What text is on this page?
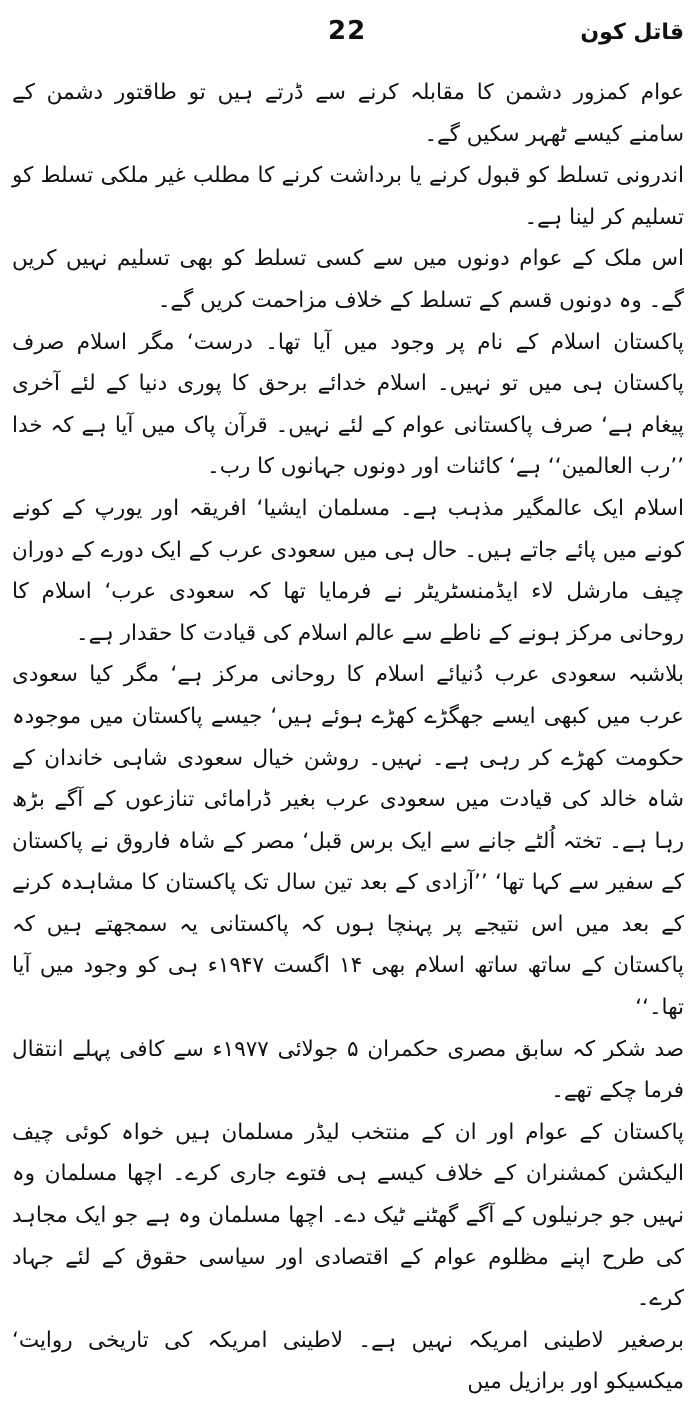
22	قاتل کون

عوام کمزور دشمن کا مقابلہ کرنے سے ڈرتے ہیں تو طاقتور دشمن کے سامنے کیسے ٹھہر سکیں گے۔

اندرونی تسلط کو قبول کرنے یا برداشت کرنے کا مطلب غیر ملکی تسلط کو تسلیم کر لینا ہے۔

اس ملک کے عوام دونوں میں سے کسی تسلط کو بھی تسلیم نہیں کریں گے۔ وہ دونوں قسم کے تسلط کے خلاف مزاحمت کریں گے۔

پاکستان اسلام کے نام پر وجود میں آیا تھا۔ درست‘ مگر اسلام صرف پاکستان ہی میں تو نہیں۔ اسلام خدائے برحق کا پوری دنیا کے لئے آخری پیغام ہے‘ صرف پاکستانی عوام کے لئے نہیں۔ قرآن پاک میں آیا ہے کہ خدا ’’رب العالمین‘‘ ہے‘ کائنات اور دونوں جہانوں کا رب۔

اسلام ایک عالمگیر مذہب ہے۔ مسلمان ایشیا‘ افریقہ اور یورپ کے کونے کونے میں پائے جاتے ہیں۔ حال ہی میں سعودی عرب کے ایک دورے کے دوران چیف مارشل لاء ایڈمنسٹریٹر نے فرمایا تھا کہ سعودی عرب‘ اسلام کا روحانی مرکز ہونے کے ناطے سے عالم اسلام کی قیادت کا حقدار ہے۔

بلاشبہ سعودی عرب دُنیائے اسلام کا روحانی مرکز ہے‘ مگر کیا سعودی عرب میں کبھی ایسے جھگڑے کھڑے ہوئے ہیں‘ جیسے پاکستان میں موجودہ حکومت کھڑے کر رہی ہے۔ نہیں۔ روشن خیال سعودی شاہی خاندان کے شاہ خالد کی قیادت میں سعودی عرب بغیر ڈرامائی تنازعوں کے آگے بڑھ رہا ہے۔ تختہ اُلٹے جانے سے ایک برس قبل‘ مصر کے شاہ فاروق نے پاکستان کے سفیر سے کہا تھا‘ ’’آزادی کے بعد تین سال تک پاکستان کا مشاہدہ کرنے کے بعد میں اس نتیجے پر پہنچا ہوں کہ پاکستانی یہ سمجھتے ہیں کہ پاکستان کے ساتھ ساتھ اسلام بھی ۱۴ اگست ۱۹۴۷ء ہی کو وجود میں آیا تھا۔‘‘

صد شکر کہ سابق مصری حکمران ۵ جولائی ۱۹۷۷ء سے کافی پہلے انتقال فرما چکے تھے۔

پاکستان کے عوام اور ان کے منتخب لیڈر مسلمان ہیں خواہ کوئی چیف الیکشن کمشنران کے خلاف کیسے ہی فتوے جاری کرے۔ اچھا مسلمان وہ نہیں جو جرنیلوں کے آگے گھٹنے ٹیک دے۔ اچھا مسلمان وہ ہے جو ایک مجاہد کی طرح اپنے مظلوم عوام کے اقتصادی اور سیاسی حقوق کے لئے جہاد کرے۔

برصغیر لاطینی امریکہ نہیں ہے۔ لاطینی امریکہ کی تاریخی روایت‘ میکسیکو اور برازیل میں
